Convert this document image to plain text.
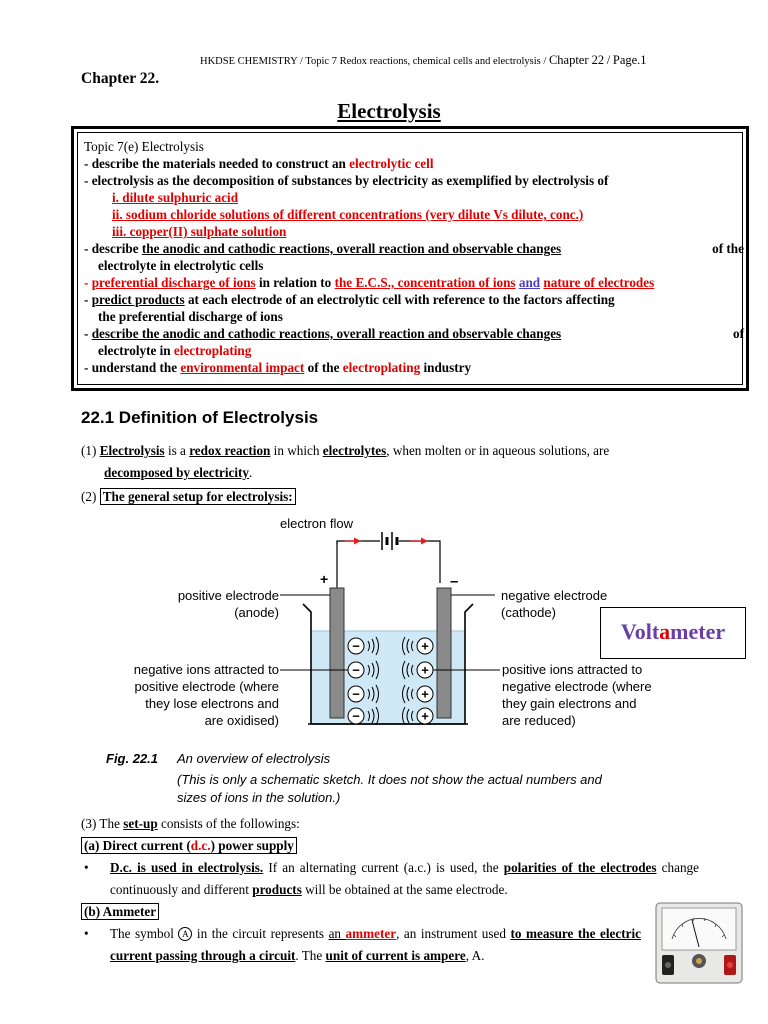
HKDSE CHEMISTRY / Topic 7 Redox reactions, chemical cells and electrolysis / Chapter 22 / Page.1
Chapter 22.
Electrolysis
Topic 7(e) Electrolysis
- describe the materials needed to construct an electrolytic cell
- electrolysis as the decomposition of substances by electricity as exemplified by electrolysis of
i. dilute sulphuric acid
ii. sodium chloride solutions of different concentrations (very dilute Vs dilute, conc.)
iii. copper(II) sulphate solution
- describe the anodic and cathodic reactions, overall reaction and observable changes	of the
electrolyte in electrolytic cells
- preferential discharge of ions in relation to the E.C.S., concentration of ions and nature of electrodes
- predict products at each electrode of an electrolytic cell with reference to the factors affecting
the preferential discharge of ions
- describe the anodic and cathodic reactions, overall reaction and observable changes	of
electrolyte in electroplating
- understand the environmental impact of the electroplating industry
22.1 Definition of Electrolysis
(1) Electrolysis is a redox reaction in which electrolytes, when molten or in aqueous solutions, are
decomposed by electricity.
(2) The general setup for electrolysis:
electron flow
+	–
−
−
−
−
+
+
+
+
positive electrode
(anode)
negative ions attracted to
positive electrode (where
they lose electrons and
are oxidised)
negative electrode
(cathode)
positive ions attracted to
negative electrode (where
they gain electrons and
are reduced)
Fig. 22.1 An overview of electrolysis
(This is only a schematic sketch. It does not show the actual numbers and
sizes of ions in the solution.)
Voltameter
(3) The set-up consists of the followings:
(a) Direct current (d.c.) power supply
•	D.c. is used in electrolysis. If an alternating current (a.c.) is used, the polarities of the electrodes change continuously and different products will be obtained at the same electrode.
(b) Ammeter
•	The symbol A in the circuit represents an ammeter, an instrument used to measure the electric current passing through a circuit. The unit of current is ampere, A.
